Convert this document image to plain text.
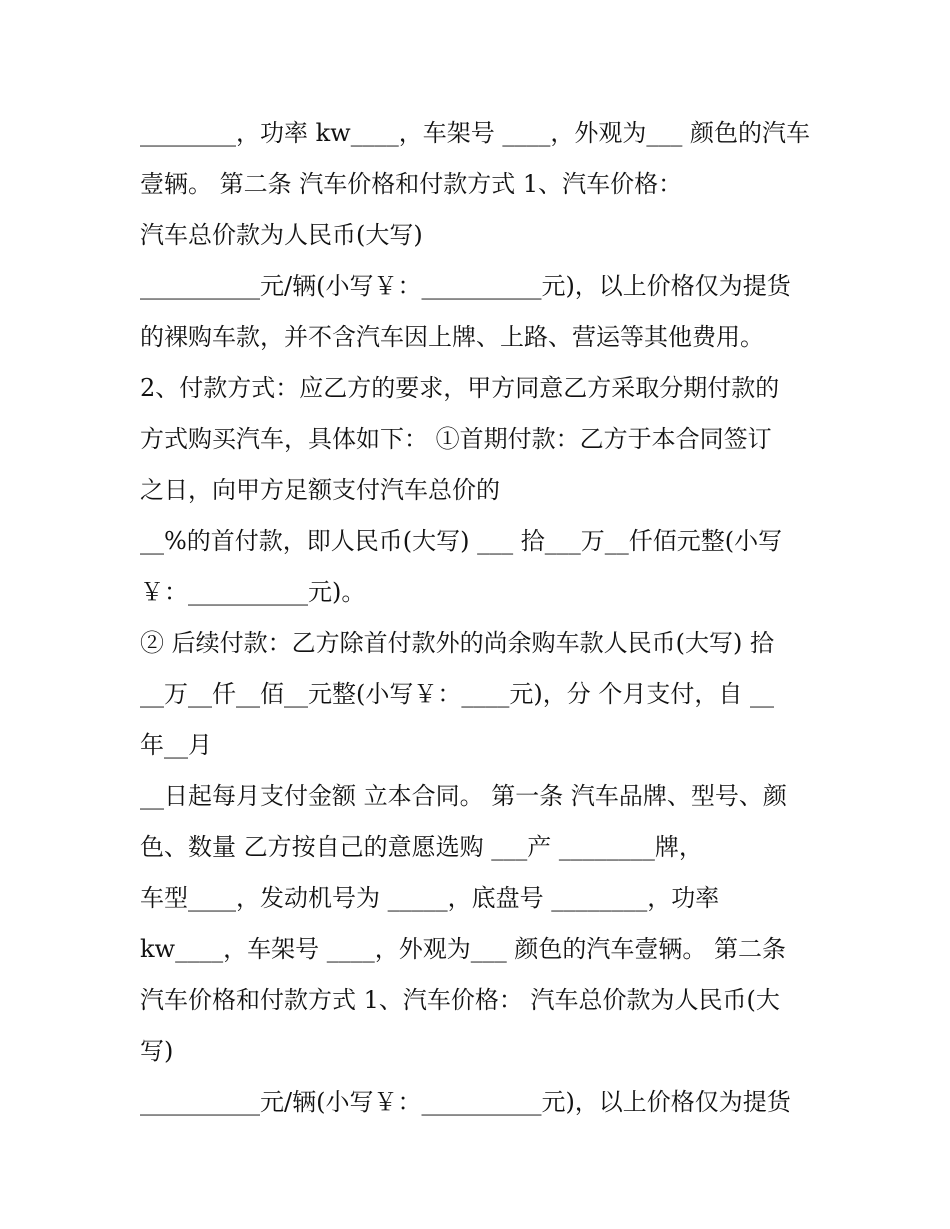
________，功率 kw____，车架号 ____，外观为___ 颜色的汽车
壹辆。 第二条 汽车价格和付款方式 1、汽车价格：
汽车总价款为人民币(大写)
__________元/辆(小写￥：__________元)，以上价格仅为提货
的裸购车款，并不含汽车因上牌、上路、营运等其他费用。
2、付款方式：应乙方的要求，甲方同意乙方采取分期付款的
方式购买汽车，具体如下： ①首期付款：乙方于本合同签订
之日，向甲方足额支付汽车总价的
__%的首付款，即人民币(大写) ___ 拾___万__仟佰元整(小写
￥：__________元)。
② 后续付款：乙方除首付款外的尚余购车款人民币(大写) 拾
__万__仟__佰__元整(小写￥：____元)，分 个月支付，自 __
年__月
__日起每月支付金额 立本合同。 第一条 汽车品牌、型号、颜
色、数量 乙方按自己的意愿选购 ___产 ________牌，
车型____，发动机号为 _____，底盘号 ________，功率
kw____，车架号 ____，外观为___ 颜色的汽车壹辆。 第二条
汽车价格和付款方式 1、汽车价格： 汽车总价款为人民币(大
写)
__________元/辆(小写￥：__________元)，以上价格仅为提货
